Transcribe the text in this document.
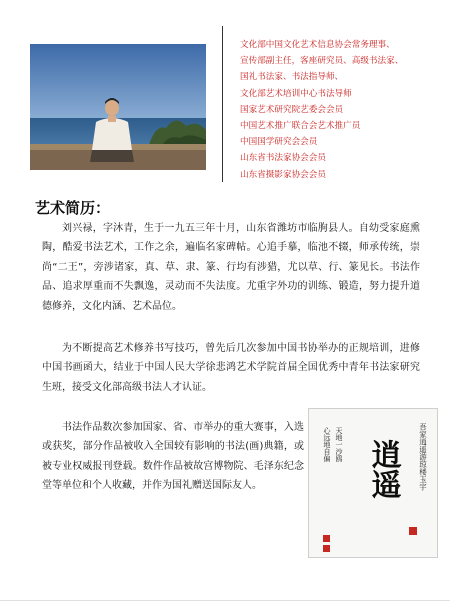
文化部中国文化艺术信息协会常务理事、
宣传部副主任，客座研究员、高级书法家、
国礼书法家、书法指导师、
文化部艺术培训中心书法导师
国家艺术研究院艺委会会员
中国艺术推广联合会艺术推广员
中国国学研究会会员
山东省书法家协会会员
山东省摄影家协会会员
艺术简历：

刘兴禄，字沐青，生于一九五三年十月，山东省潍坊市临朐县人。自幼受家庭熏陶，酷爱书法艺术，工作之余，遍临名家碑帖。心追手摹，临池不辍，师承传统，崇尚“二王”，旁涉诸家，真、草、隶、篆、行均有涉猎，尤以草、行、篆见长。书法作品、追求厚重而不失飘逸，灵动而不失法度。尤重字外功的训练、锻造，努力提升道德修养，文化内涵、艺术品位。

为不断提高艺术修养书写技巧，曾先后几次参加中国书协举办的正规培训，进修中国书画函大，结业于中国人民大学徐悲鸿艺术学院首届全国优秀中青年书法家研究生班，接受文化部高级书法人才认证。

书法作品数次参加国家、省、市举办的重大赛事，入选或获奖，部分作品被收入全国较有影响的书法(画)典籍，或被专业权威报刊登载。数件作品被故宫博物院、毛泽东纪念堂等单位和个人收藏，并作为国礼赠送国际友人。	吾家逍遥游琼楼玉宇
逍遥
天地一沙鸥
心远地自偏
